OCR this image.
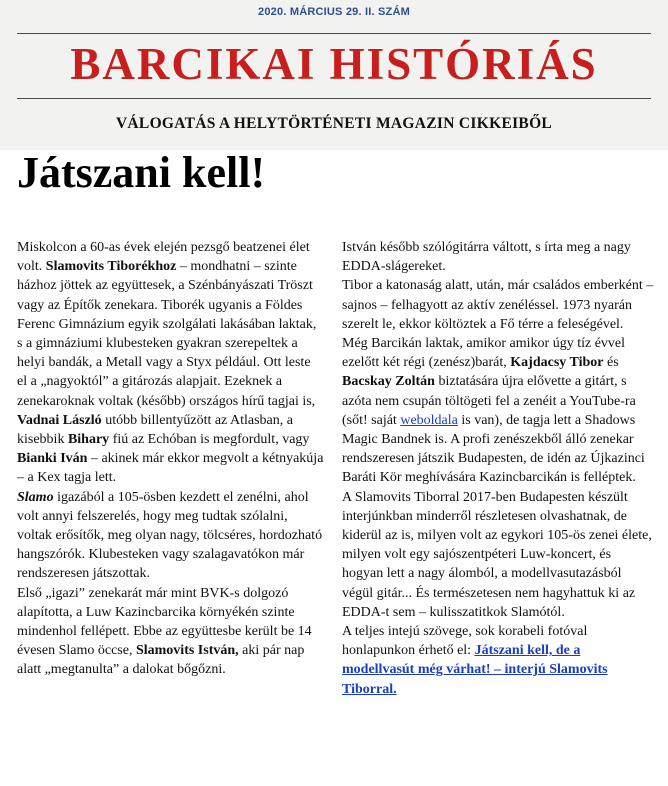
2020. MÁRCIUS 29. II. SZÁM
BARCIKAI HISTÓRIÁS
VÁLOGATÁS A HELYTÖRTÉNETI MAGAZIN CIKKEIBŐL
Játszani kell!

Miskolcon a 60-as évek elején pezsgő beatzenei élet volt. Slamovits Tiborékhoz – mondhatni – szinte házhoz jöttek az együttesek, a Szénbányászati Tröszt vagy az Építők zenekara. Tiborék ugyanis a Földes Ferenc Gimnázium egyik szolgálati lakásában laktak, s a gimnáziumi klubesteken gyakran szerepeltek a helyi bandák, a Metall vagy a Styx például. Ott leste el a „nagyoktól” a gitározás alapjait. Ezeknek a zenekaroknak voltak (később) országos hírű tagjai is, Vadnai László utóbb billentyűzött az Atlasban, a kisebbik Bihary fiú az Echóban is megfordult, vagy Bianki Iván – akinek már ekkor megvolt a kétnyakúja – a Kex tagja lett.

Slamo igazából a 105-ösben kezdett el zenélni, ahol volt annyi felszerelés, hogy meg tudtak szólalni, voltak erősítők, meg olyan nagy, tölcséres, hordozható hangszórók. Klubesteken vagy szalagavatókon már rendszeresen játszottak.

Első „igazi” zenekarát már mint BVK-s dolgozó alapította, a Luw Kazincbarcika környékén szinte mindenhol fellépett. Ebbe az együttesbe került be 14 évesen Slamo öccse, Slamovits István, aki pár nap alatt „megtanulta” a dalokat bőgőzni.

István később szólógitárra váltott, s írta meg a nagy EDDA-slágereket.

Tibor a katonaság alatt, után, már családos emberként – sajnos – felhagyott az aktív zenéléssel. 1973 nyarán szerelt le, ekkor költöztek a Fő térre a feleségével.

Még Barcikán laktak, amikor amikor úgy tíz évvel ezelőtt két régi (zenész)barát, Kajdacsy Tibor és Bacskay Zoltán biztatására újra elővette a gitárt, s azóta nem csupán töltögeti fel a zenéit a YouTube-ra (sőt! saját weboldala is van), de tagja lett a Shadows Magic Bandnek is. A profi zenészekből álló zenekar rendszeresen játszik Budapesten, de idén az Újkazinci Baráti Kör meghívására Kazincbarcikán is felléptek.

A Slamovits Tiborral 2017-ben Budapesten készült interjúnkban minderről részletesen olvashatnak, de kiderül az is, milyen volt az egykori 105-ös zenei élete, milyen volt egy sajószentpéteri Luw-koncert, és hogyan lett a nagy álomból, a modellvasutazásból végül gitár... És természetesen nem hagyhattuk ki az EDDA-t sem – kulisszatitkok Slamótól.

A teljes intejú szövege, sok korabeli fotóval honlapunkon érhető el: Játszani kell, de a modellvasút még várhat! – interjú Slamovits Tiborral.
